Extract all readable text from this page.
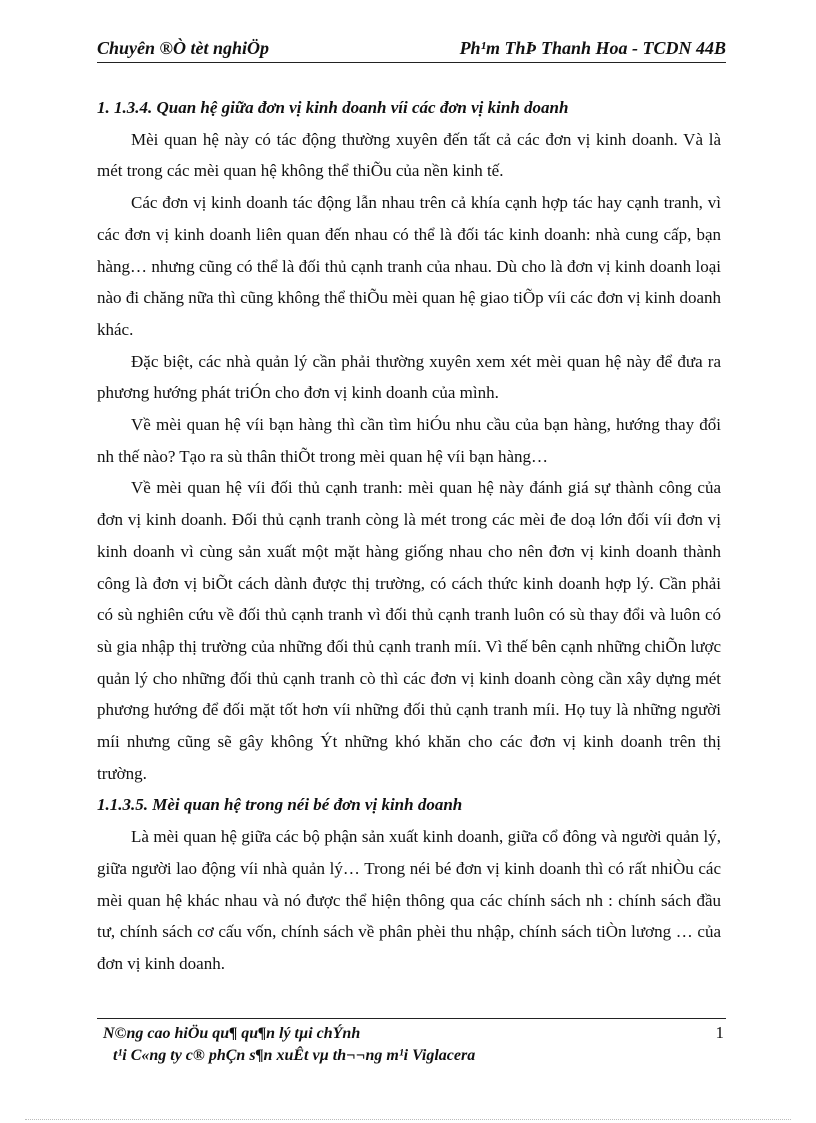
Chuyên ®Ò tèt nghiÖp	Ph¹m ThÞ Thanh Hoa - TCDN 44B
1. 1.3.4. Quan hệ giữa đơn vị kinh doanh víi các đơn vị kinh doanh

Mèi quan hệ này có tác động thường xuyên đến tất cả các đơn vị kinh doanh. Và là mét trong các mèi quan hệ không thể thiÕu của nền kinh tế.

Các đơn vị kinh doanh tác động lẫn nhau trên cả khía cạnh hợp tác hay cạnh tranh, vì các đơn vị kinh doanh liên quan đến nhau có thể là đối tác kinh doanh: nhà cung cấp, bạn hàng… nhưng cũng có thể là đối thủ cạnh tranh của nhau. Dù cho là đơn vị kinh doanh loại nào đi chăng nữa thì cũng không thể thiÕu mèi quan hệ giao tiÕp víi các đơn vị kinh doanh khác.

Đặc biệt, các nhà quản lý cần phải thường xuyên xem xét mèi quan hệ này để đưa ra phương hướng phát triÓn cho đơn vị kinh doanh của mình.

Về mèi quan hệ víi bạn hàng thì cần tìm hiÓu nhu cầu của bạn hàng, hướng thay đổi nh thế nào? Tạo ra sù thân thiÕt trong mèi quan hệ víi bạn hàng…

Về mèi quan hệ víi đối thủ cạnh tranh: mèi quan hệ này đánh giá sự thành công của đơn vị kinh doanh. Đối thủ cạnh tranh còng là mét trong các mèi đe doạ lớn đối víi đơn vị kinh doanh vì cùng sản xuất một mặt hàng giống nhau cho nên đơn vị kinh doanh thành công là đơn vị biÕt cách dành được thị trường, có cách thức kinh doanh hợp lý. Cần phải có sù nghiên cứu về đối thủ cạnh tranh vì đối thủ cạnh tranh luôn có sù thay đổi và luôn có sù gia nhập thị trường của những đối thủ cạnh tranh míi. Vì thế bên cạnh những chiÕn lược quản lý cho những đối thủ cạnh tranh cò thì các đơn vị kinh doanh còng cần xây dựng mét phương hướng để đối mặt tốt hơn víi những đối thủ cạnh tranh míi. Họ tuy là những người míi nhưng cũng sẽ gây không Ýt những khó khăn cho các đơn vị kinh doanh trên thị trường.

1.1.3.5. Mèi quan hệ trong néi bé đơn vị kinh doanh

Là mèi quan hệ giữa các bộ phận sản xuất kinh doanh, giữa cổ đông và người quản lý, giữa người lao động víi nhà quản lý… Trong néi bé đơn vị kinh doanh thì có rất nhiÒu các mèi quan hệ khác nhau và nó được thể hiện thông qua các chính sách nh : chính sách đầu tư, chính sách cơ cấu vốn, chính sách về phân phèi thu nhập, chính sách tiÒn lương … của đơn vị kinh doanh.

N©ng cao hiÖu qu¶ qu¶n lý tµi chÝnh
t¹i C«ng ty c® phÇn s¶n xuÊt vµ th¬¬ng m¹i Viglacera
1
